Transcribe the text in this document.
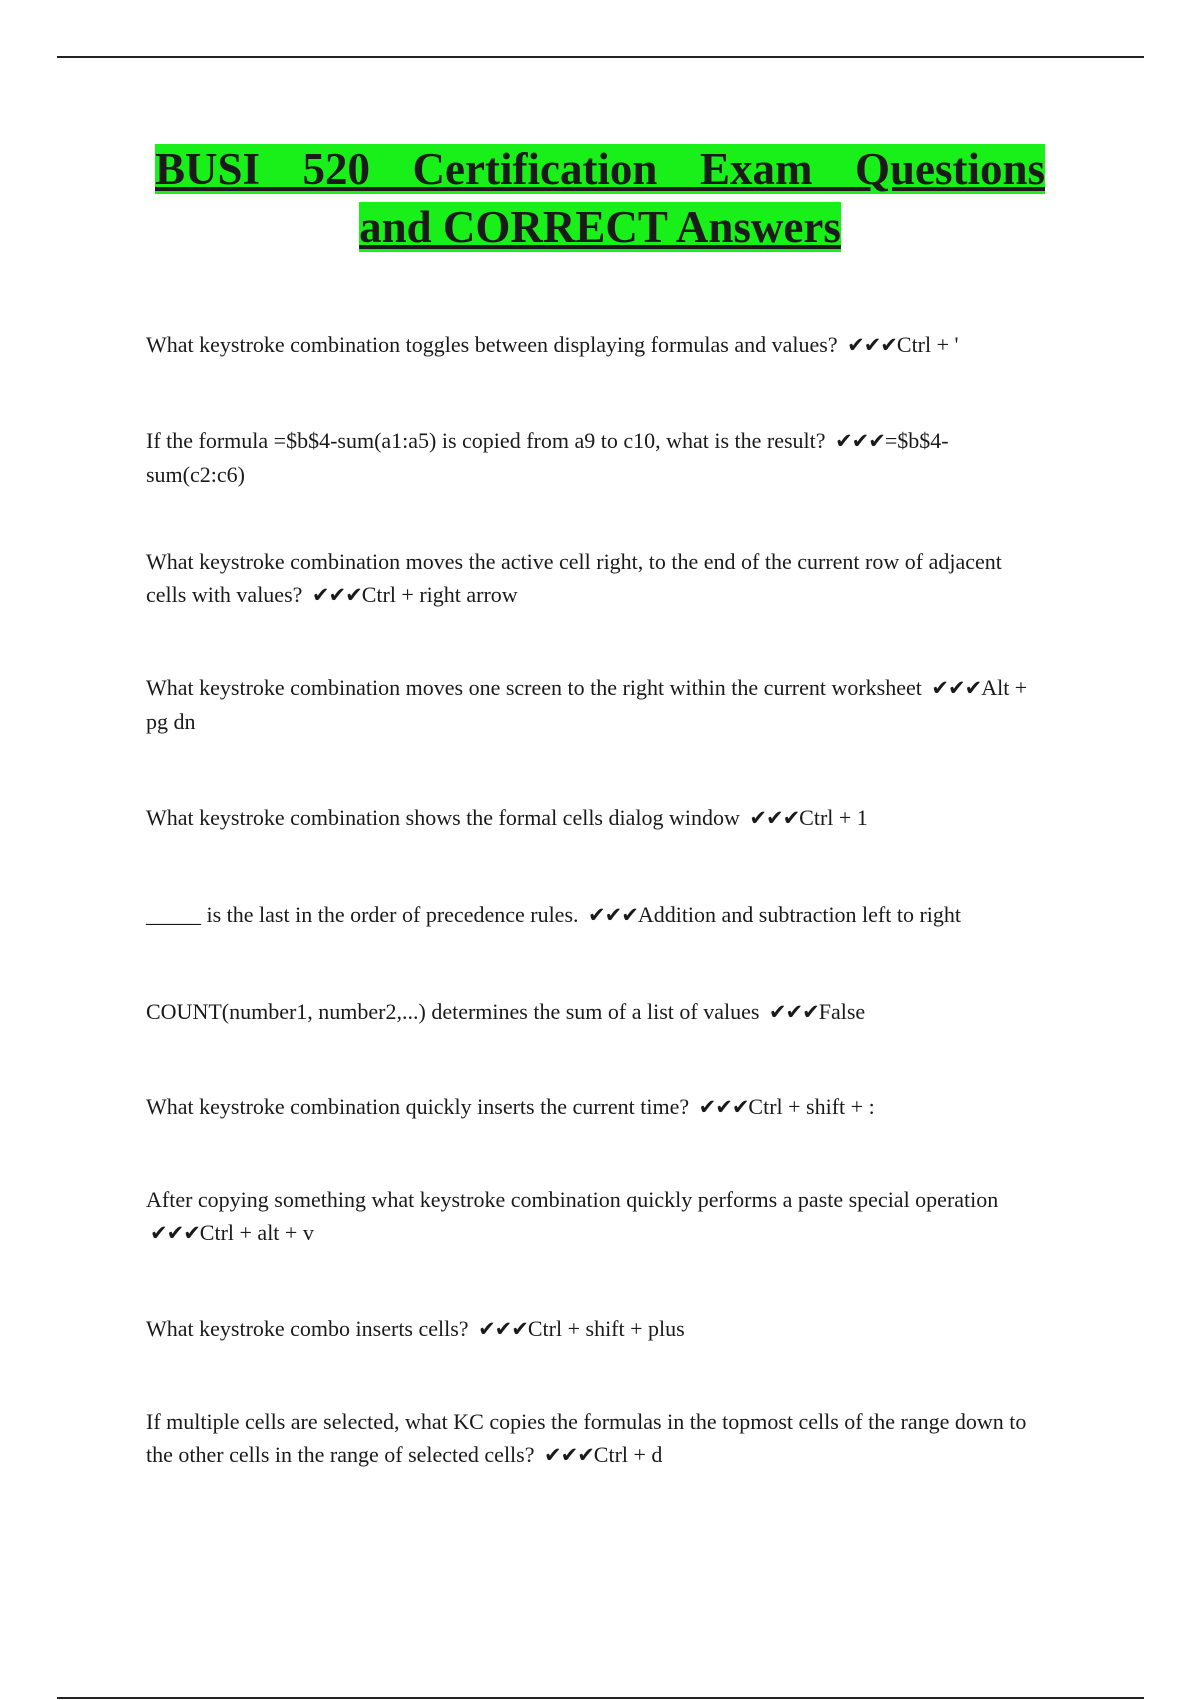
BUSI 520 Certification Exam Questions
and CORRECT Answers

What keystroke combination toggles between displaying formulas and values? ✔✔✔Ctrl + '

If the formula =$b$4-sum(a1:a5) is copied from a9 to c10, what is the result? ✔✔✔=$b$4-sum(c2:c6)

What keystroke combination moves the active cell right, to the end of the current row of adjacent cells with values? ✔✔✔Ctrl + right arrow

What keystroke combination moves one screen to the right within the current worksheet ✔✔✔Alt + pg dn

What keystroke combination shows the formal cells dialog window ✔✔✔Ctrl + 1

_____ is the last in the order of precedence rules. ✔✔✔Addition and subtraction left to right

COUNT(number1, number2,...) determines the sum of a list of values ✔✔✔False

What keystroke combination quickly inserts the current time? ✔✔✔Ctrl + shift + :

After copying something what keystroke combination quickly performs a paste special operation ✔✔✔Ctrl + alt + v

What keystroke combo inserts cells? ✔✔✔Ctrl + shift + plus

If multiple cells are selected, what KC copies the formulas in the topmost cells of the range down to the other cells in the range of selected cells? ✔✔✔Ctrl + d
